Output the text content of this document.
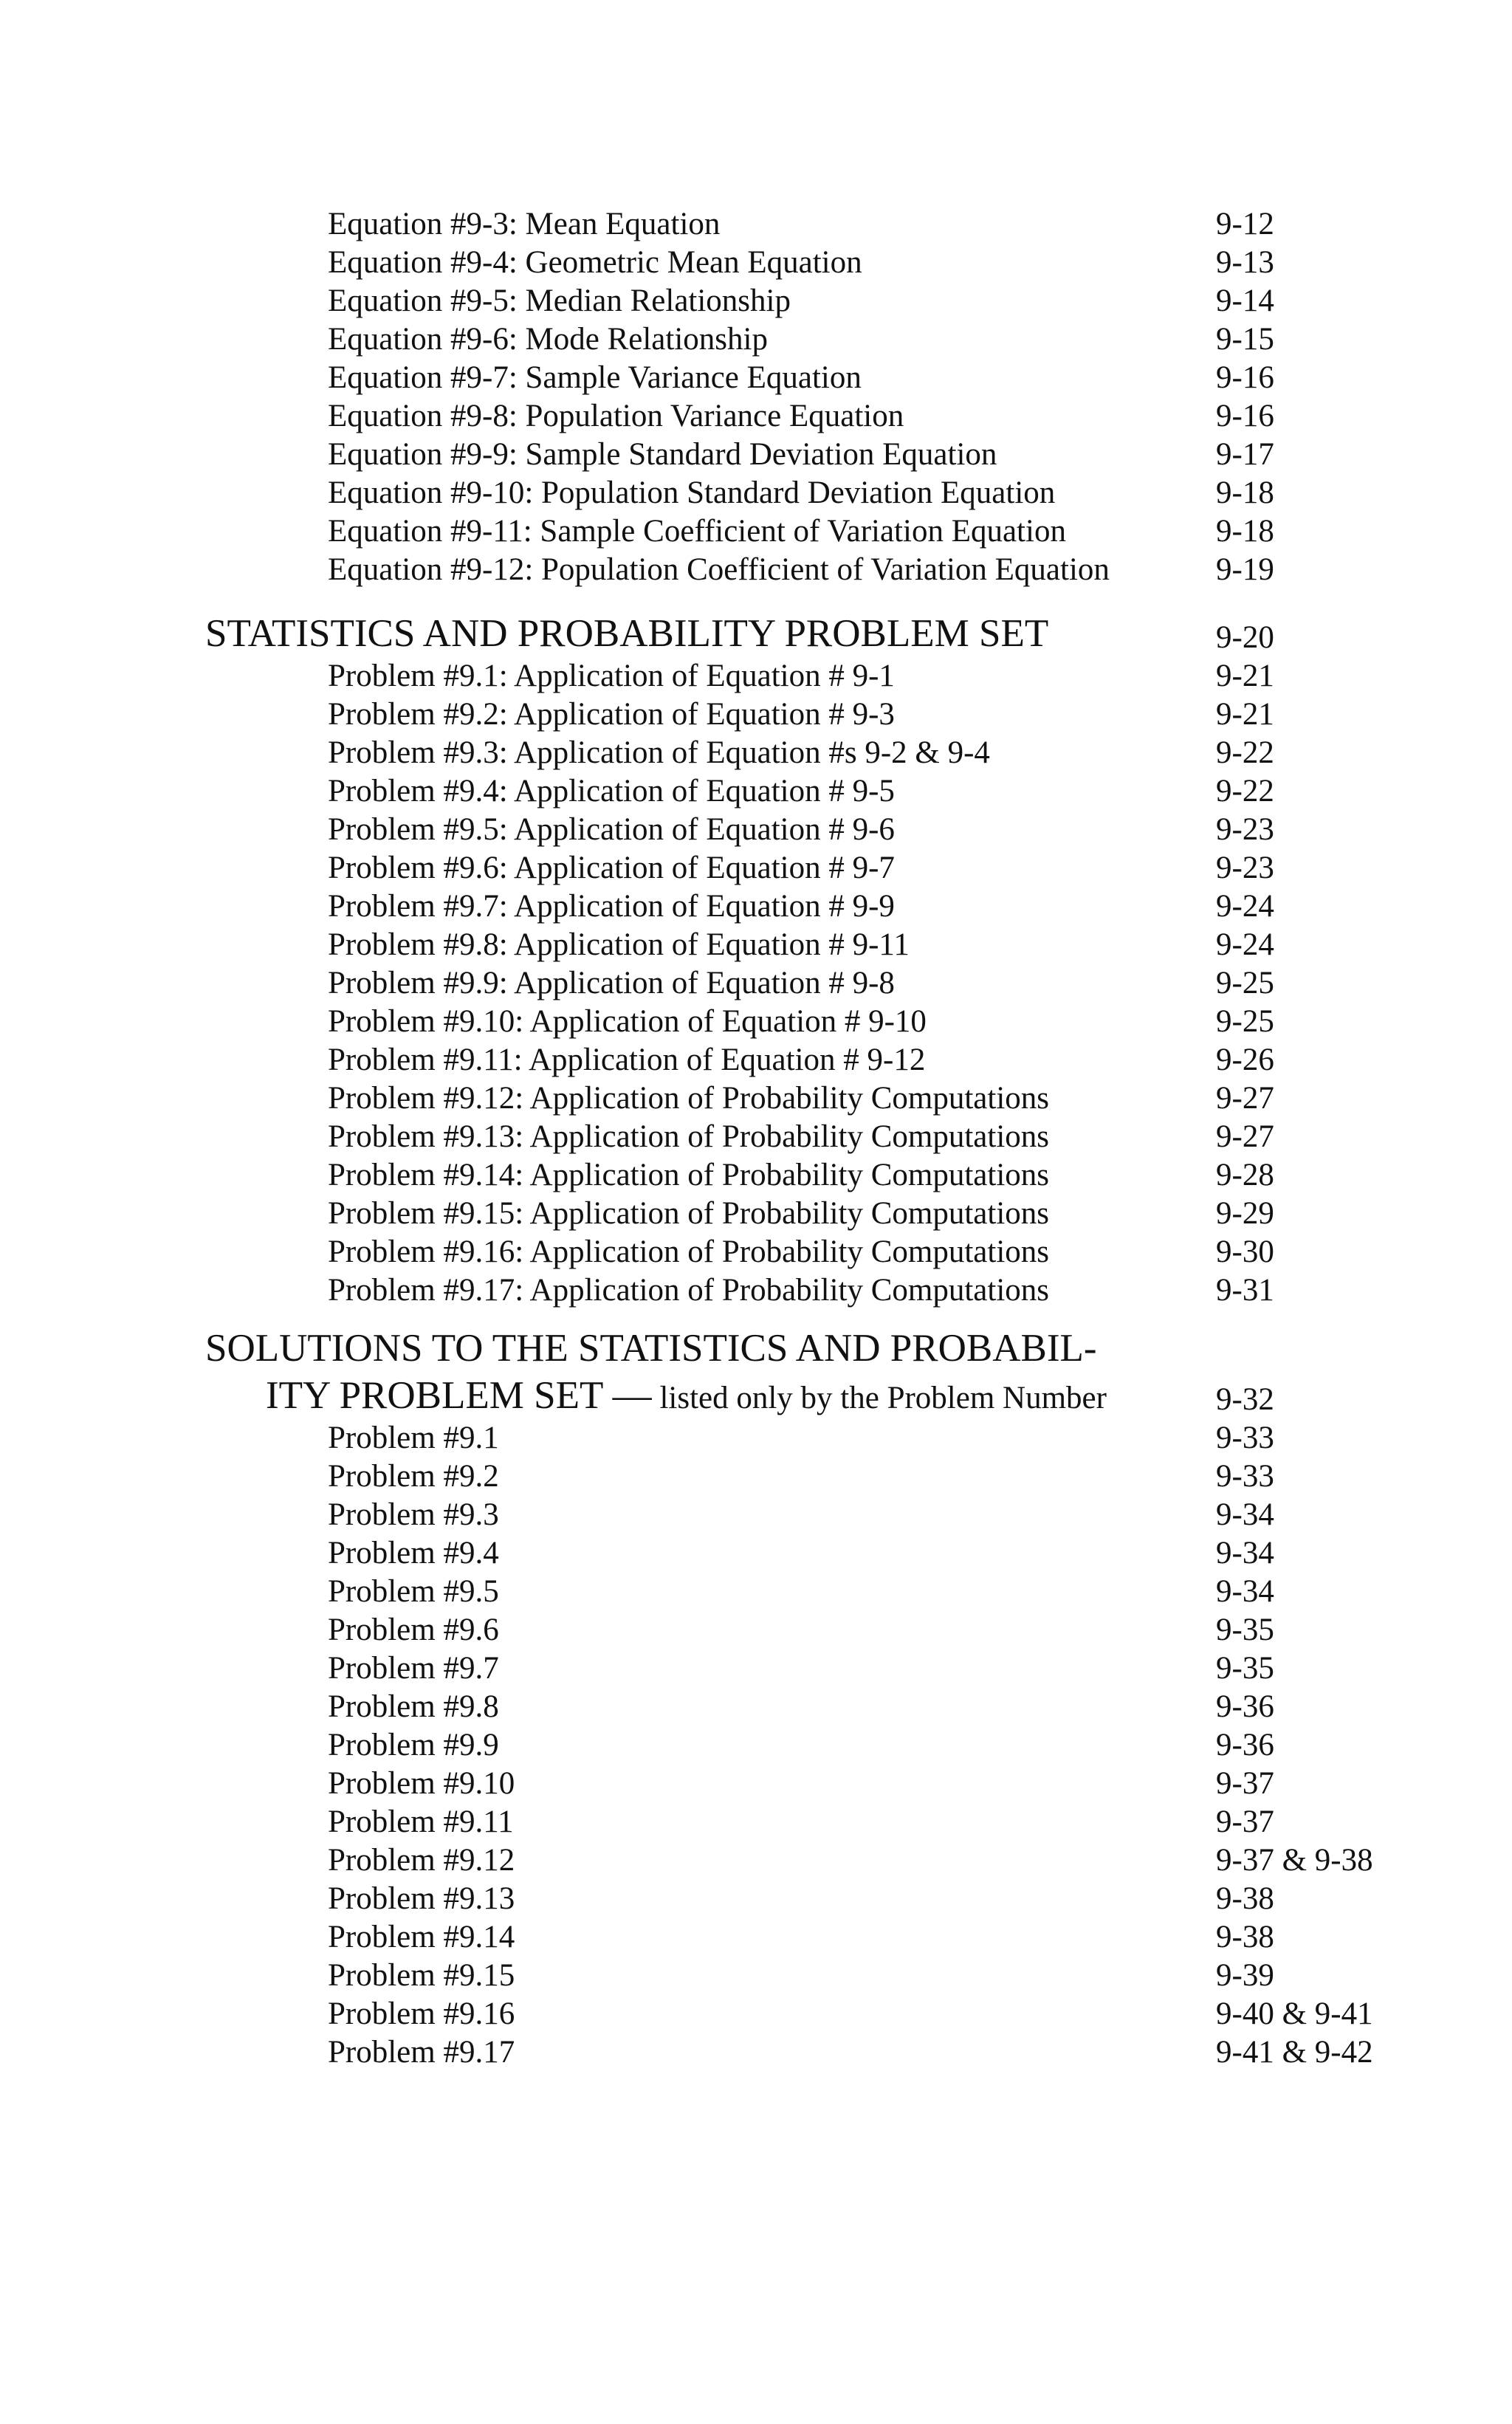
Equation #9-3: Mean Equation	9-12
Equation #9-4: Geometric Mean Equation	9-13
Equation #9-5: Median Relationship	9-14
Equation #9-6: Mode Relationship	9-15
Equation #9-7: Sample Variance Equation	9-16
Equation #9-8: Population Variance Equation	9-16
Equation #9-9: Sample Standard Deviation Equation	9-17
Equation #9-10: Population Standard Deviation Equation	9-18
Equation #9-11: Sample Coefficient of Variation Equation	9-18
Equation #9-12: Population Coefficient of Variation Equation	9-19
STATISTICS AND PROBABILITY PROBLEM SET	9-20
Problem #9.1: Application of Equation # 9-1	9-21
Problem #9.2: Application of Equation # 9-3	9-21
Problem #9.3: Application of Equation #s 9-2 & 9-4	9-22
Problem #9.4: Application of Equation # 9-5	9-22
Problem #9.5: Application of Equation # 9-6	9-23
Problem #9.6: Application of Equation # 9-7	9-23
Problem #9.7: Application of Equation # 9-9	9-24
Problem #9.8: Application of Equation # 9-11	9-24
Problem #9.9: Application of Equation # 9-8	9-25
Problem #9.10: Application of Equation # 9-10	9-25
Problem #9.11: Application of Equation # 9-12	9-26
Problem #9.12: Application of Probability Computations	9-27
Problem #9.13: Application of Probability Computations	9-27
Problem #9.14: Application of Probability Computations	9-28
Problem #9.15: Application of Probability Computations	9-29
Problem #9.16: Application of Probability Computations	9-30
Problem #9.17: Application of Probability Computations	9-31
SOLUTIONS TO THE STATISTICS AND PROBABIL-
ITY PROBLEM SET — listed only by the Problem Number	9-32
Problem #9.1	9-33
Problem #9.2	9-33
Problem #9.3	9-34
Problem #9.4	9-34
Problem #9.5	9-34
Problem #9.6	9-35
Problem #9.7	9-35
Problem #9.8	9-36
Problem #9.9	9-36
Problem #9.10	9-37
Problem #9.11	9-37
Problem #9.12	9-37 & 9-38
Problem #9.13	9-38
Problem #9.14	9-38
Problem #9.15	9-39
Problem #9.16	9-40 & 9-41
Problem #9.17	9-41 & 9-42
